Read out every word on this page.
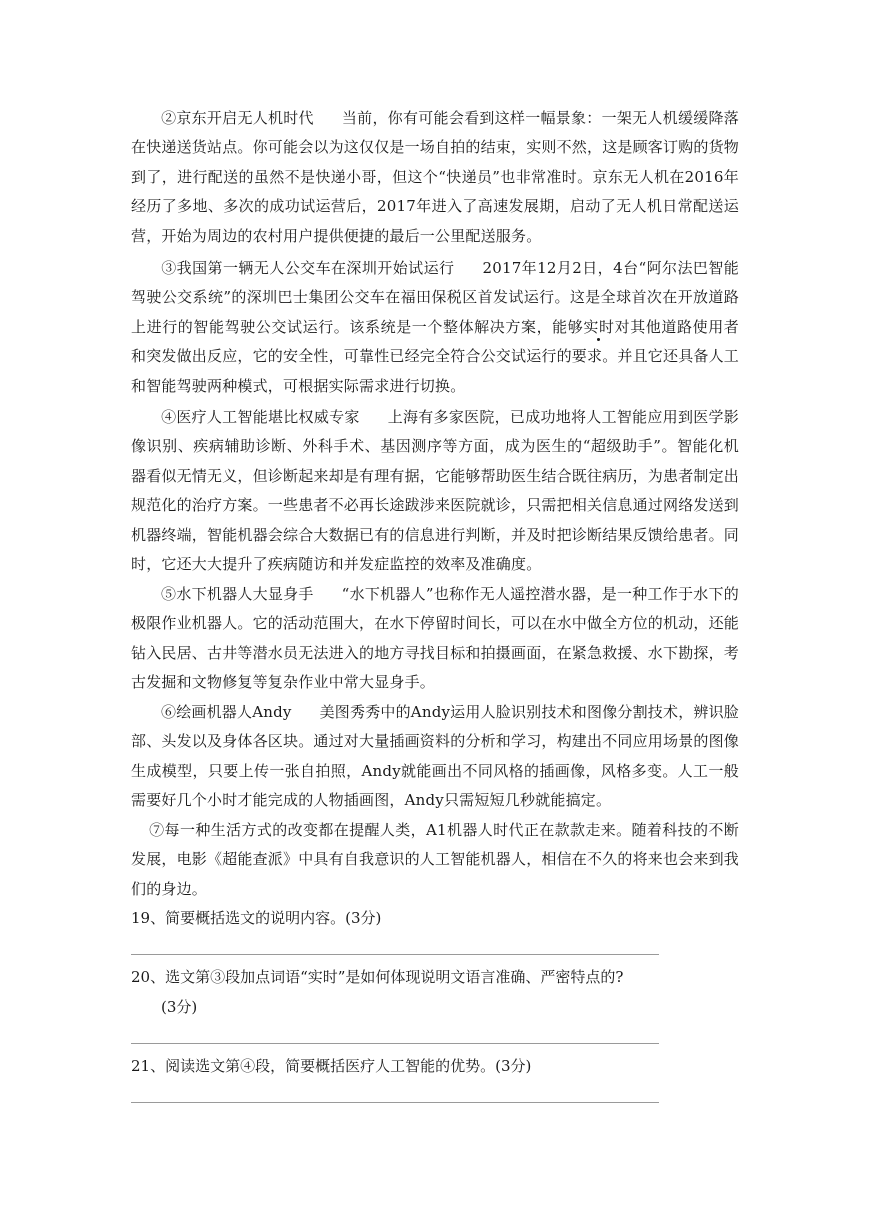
②京东开启无人机时代 当前，你有可能会看到这样一幅景象：一架无人机缓缓降落在快递送货站点。你可能会以为这仅仅是一场自拍的结束，实则不然，这是顾客订购的货物到了，进行配送的虽然不是快递小哥，但这个“快递员”也非常准时。京东无人机在2016年经历了多地、多次的成功试运营后，2017年进入了高速发展期，启动了无人机日常配送运营，开始为周边的农村用户提供便捷的最后一公里配送服务。

③我国第一辆无人公交车在深圳开始试运行 2017年12月2日，4台“阿尔法巴智能驾驶公交系统”的深圳巴士集团公交车在福田保税区首发试运行。这是全球首次在开放道路上进行的智能驾驶公交试运行。该系统是一个整体解决方案，能够实时对其他道路使用者和突发做出反应，它的安全性，可靠性已经完全符合公交试运行的要求。并且它还具备人工和智能驾驶两种模式，可根据实际需求进行切换。

④医疗人工智能堪比权威专家 上海有多家医院，已成功地将人工智能应用到医学影像识别、疾病辅助诊断、外科手术、基因测序等方面，成为医生的“超级助手”。智能化机器看似无情无义，但诊断起来却是有理有据，它能够帮助医生结合既往病历，为患者制定出规范化的治疗方案。一些患者不必再长途跋涉来医院就诊，只需把相关信息通过网络发送到机器终端，智能机器会综合大数据已有的信息进行判断，并及时把诊断结果反馈给患者。同时，它还大大提升了疾病随访和并发症监控的效率及准确度。

⑤水下机器人大显身手 “水下机器人”也称作无人遥控潜水器，是一种工作于水下的极限作业机器人。它的活动范围大，在水下停留时间长，可以在水中做全方位的机动，还能钻入民居、古井等潜水员无法进入的地方寻找目标和拍摄画面，在紧急救援、水下勘探，考古发掘和文物修复等复杂作业中常大显身手。

⑥绘画机器人Andy 美图秀秀中的Andy运用人脸识别技术和图像分割技术，辨识脸部、头发以及身体各区块。通过对大量插画资料的分析和学习，构建出不同应用场景的图像生成模型，只要上传一张自拍照，Andy就能画出不同风格的插画像，风格多变。人工一般需要好几个小时才能完成的人物插画图，Andy只需短短几秒就能搞定。

⑦每一种生活方式的改变都在提醒人类，A1机器人时代正在款款走来。随着科技的不断发展，电影《超能查派》中具有自我意识的人工智能机器人，相信在不久的将来也会来到我们的身边。

19、简要概括选文的说明内容。(3分)
20、选文第③段加点词语“实时”是如何体现说明文语言准确、严密特点的?
(3分)
21、阅读选文第④段，简要概括医疗人工智能的优势。(3分)
